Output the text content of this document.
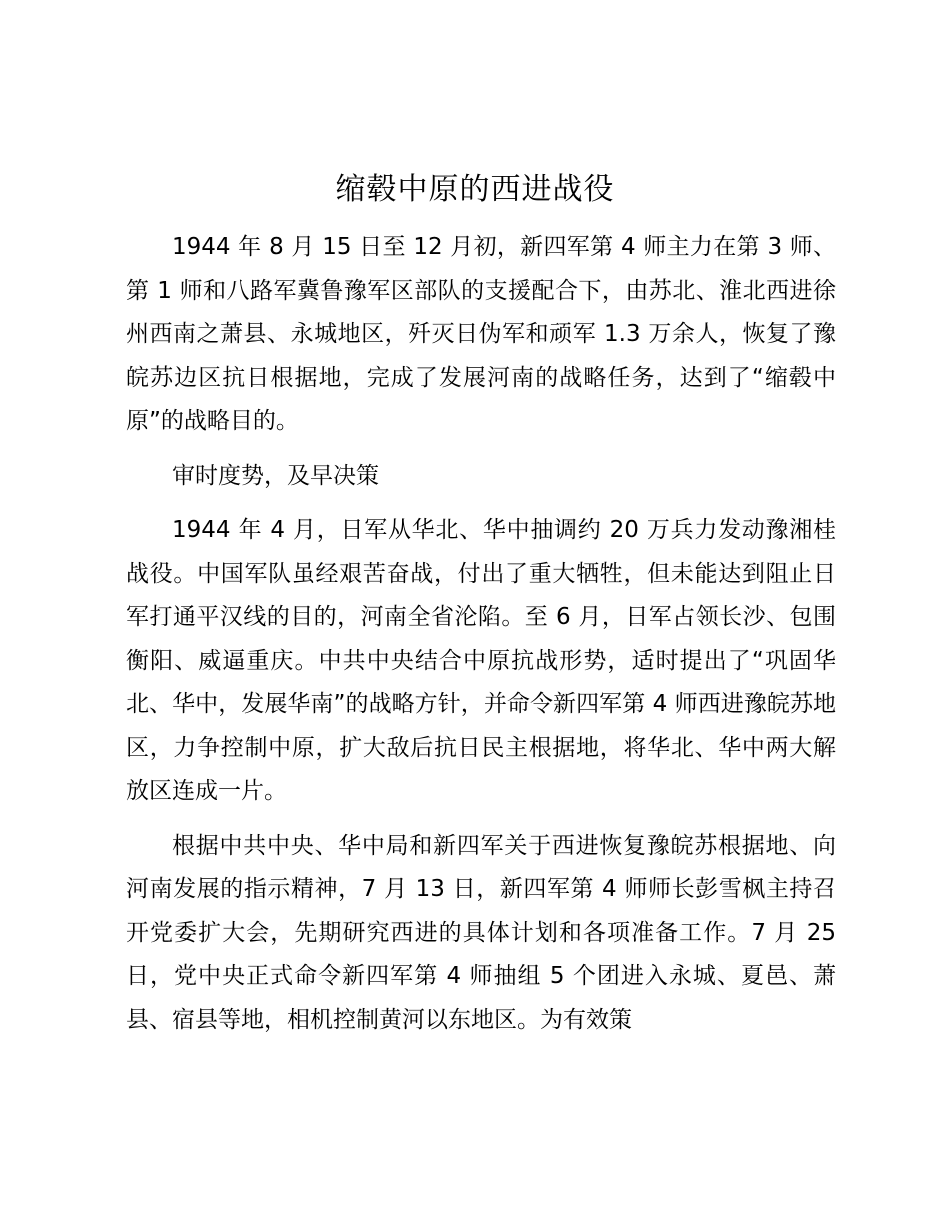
缩毂中原的西进战役

1944 年 8 月 15 日至 12 月初，新四军第 4 师主力在第 3 师、第 1 师和八路军冀鲁豫军区部队的支援配合下，由苏北、淮北西进徐州西南之萧县、永城地区，歼灭日伪军和顽军 1.3 万余人，恢复了豫皖苏边区抗日根据地，完成了发展河南的战略任务，达到了“缩毂中原”的战略目的。

审时度势，及早决策

1944 年 4 月，日军从华北、华中抽调约 20 万兵力发动豫湘桂战役。中国军队虽经艰苦奋战，付出了重大牺牲，但未能达到阻止日军打通平汉线的目的，河南全省沦陷。至 6 月，日军占领长沙、包围衡阳、威逼重庆。中共中央结合中原抗战形势，适时提出了“巩固华北、华中，发展华南”的战略方针，并命令新四军第 4 师西进豫皖苏地区，力争控制中原，扩大敌后抗日民主根据地，将华北、华中两大解放区连成一片。

根据中共中央、华中局和新四军关于西进恢复豫皖苏根据地、向河南发展的指示精神，7 月 13 日，新四军第 4 师师长彭雪枫主持召开党委扩大会，先期研究西进的具体计划和各项准备工作。7 月 25 日，党中央正式命令新四军第 4 师抽组 5 个团进入永城、夏邑、萧县、宿县等地，相机控制黄河以东地区。为有效策
